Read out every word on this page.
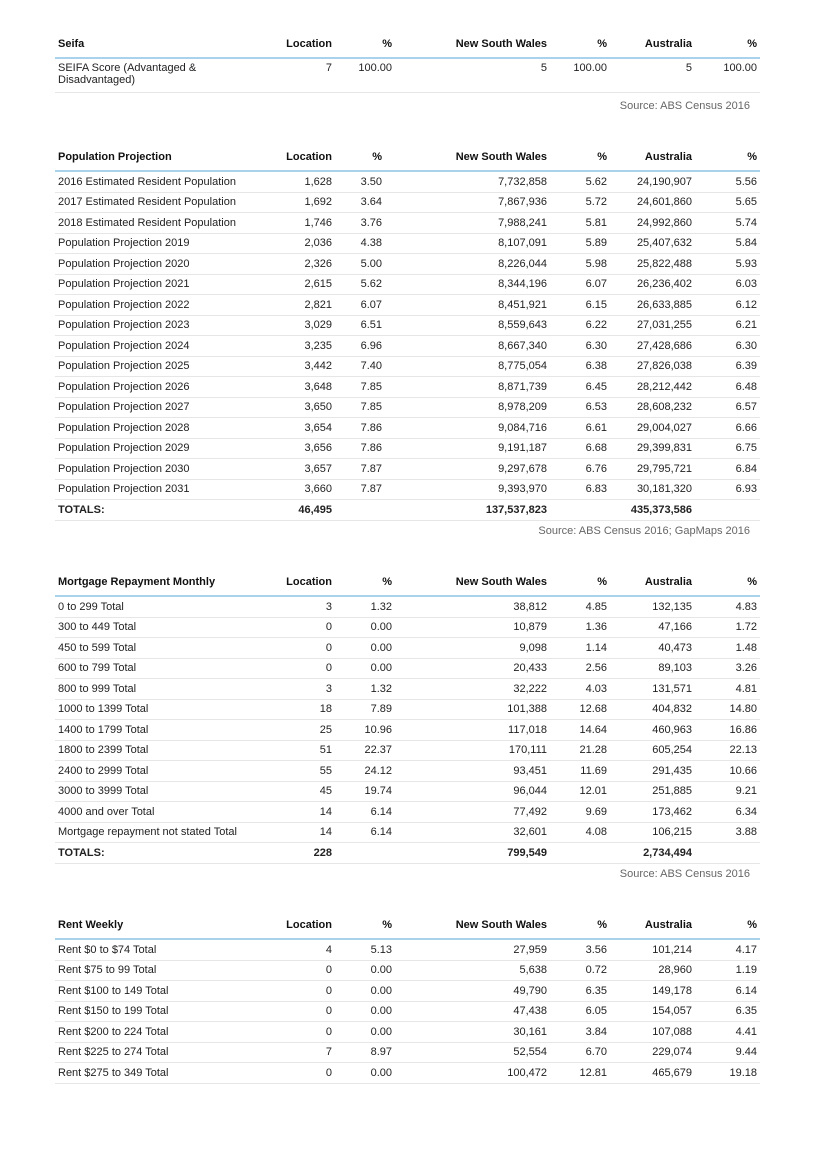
Seifa	Location	%	New South Wales	%	Australia	%
SEIFA Score (Advantaged & Disadvantaged)	7	100.00	5	100.00	5	100.00
Source: ABS Census 2016
Population Projection	Location	%	New South Wales	%	Australia	%
2016 Estimated Resident Population	1,628	3.50	7,732,858	5.62	24,190,907	5.56
2017 Estimated Resident Population	1,692	3.64	7,867,936	5.72	24,601,860	5.65
2018 Estimated Resident Population	1,746	3.76	7,988,241	5.81	24,992,860	5.74
Population Projection 2019	2,036	4.38	8,107,091	5.89	25,407,632	5.84
Population Projection 2020	2,326	5.00	8,226,044	5.98	25,822,488	5.93
Population Projection 2021	2,615	5.62	8,344,196	6.07	26,236,402	6.03
Population Projection 2022	2,821	6.07	8,451,921	6.15	26,633,885	6.12
Population Projection 2023	3,029	6.51	8,559,643	6.22	27,031,255	6.21
Population Projection 2024	3,235	6.96	8,667,340	6.30	27,428,686	6.30
Population Projection 2025	3,442	7.40	8,775,054	6.38	27,826,038	6.39
Population Projection 2026	3,648	7.85	8,871,739	6.45	28,212,442	6.48
Population Projection 2027	3,650	7.85	8,978,209	6.53	28,608,232	6.57
Population Projection 2028	3,654	7.86	9,084,716	6.61	29,004,027	6.66
Population Projection 2029	3,656	7.86	9,191,187	6.68	29,399,831	6.75
Population Projection 2030	3,657	7.87	9,297,678	6.76	29,795,721	6.84
Population Projection 2031	3,660	7.87	9,393,970	6.83	30,181,320	6.93
TOTALS:	46,495		137,537,823		435,373,586	
Source: ABS Census 2016; GapMaps 2016
Mortgage Repayment Monthly	Location	%	New South Wales	%	Australia	%
0 to 299 Total	3	1.32	38,812	4.85	132,135	4.83
300 to 449 Total	0	0.00	10,879	1.36	47,166	1.72
450 to 599 Total	0	0.00	9,098	1.14	40,473	1.48
600 to 799 Total	0	0.00	20,433	2.56	89,103	3.26
800 to 999 Total	3	1.32	32,222	4.03	131,571	4.81
1000 to 1399 Total	18	7.89	101,388	12.68	404,832	14.80
1400 to 1799 Total	25	10.96	117,018	14.64	460,963	16.86
1800 to 2399 Total	51	22.37	170,111	21.28	605,254	22.13
2400 to 2999 Total	55	24.12	93,451	11.69	291,435	10.66
3000 to 3999 Total	45	19.74	96,044	12.01	251,885	9.21
4000 and over Total	14	6.14	77,492	9.69	173,462	6.34
Mortgage repayment not stated Total	14	6.14	32,601	4.08	106,215	3.88
TOTALS:	228		799,549		2,734,494	
Source: ABS Census 2016
Rent Weekly	Location	%	New South Wales	%	Australia	%
Rent $0 to $74 Total	4	5.13	27,959	3.56	101,214	4.17
Rent $75 to 99 Total	0	0.00	5,638	0.72	28,960	1.19
Rent $100 to 149 Total	0	0.00	49,790	6.35	149,178	6.14
Rent $150 to 199 Total	0	0.00	47,438	6.05	154,057	6.35
Rent $200 to 224 Total	0	0.00	30,161	3.84	107,088	4.41
Rent $225 to 274 Total	7	8.97	52,554	6.70	229,074	9.44
Rent $275 to 349 Total	0	0.00	100,472	12.81	465,679	19.18
